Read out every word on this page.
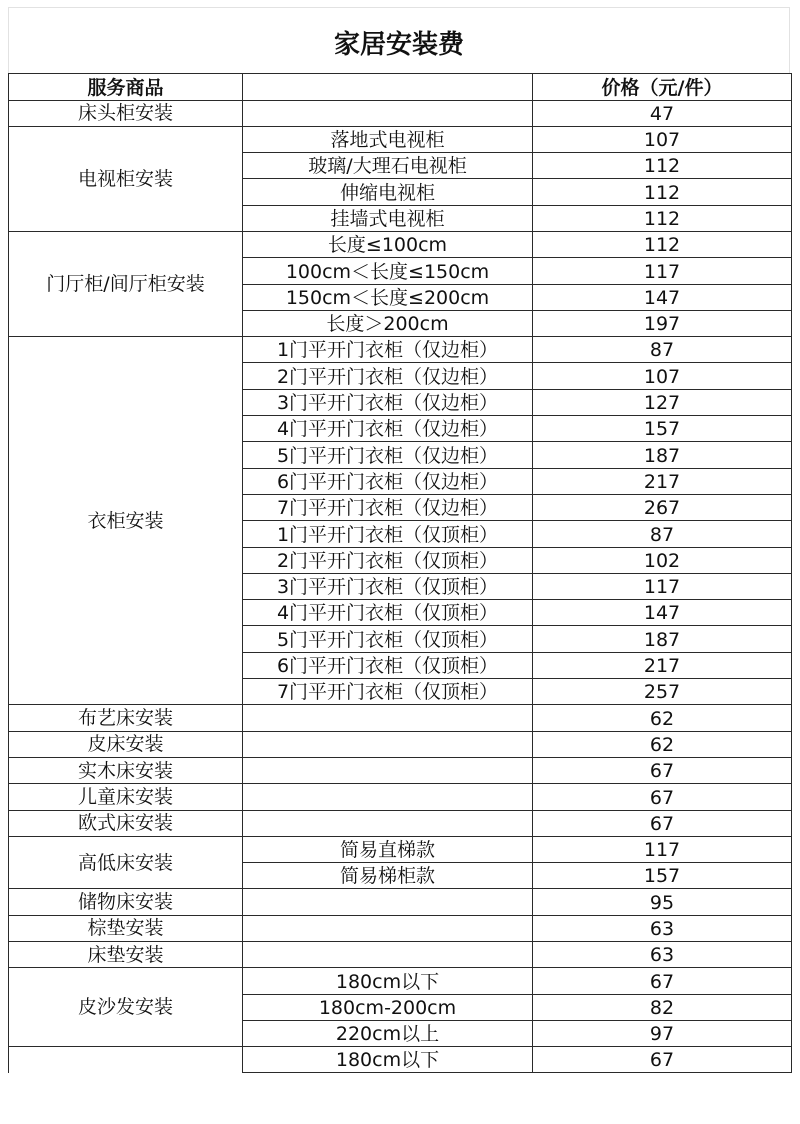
家居安装费
服务商品		价格（元/件）
床头柜安装		47
电视柜安装	落地式电视柜	107
	玻璃/大理石电视柜	112
	伸缩电视柜	112
	挂墙式电视柜	112
门厅柜/间厅柜安装	长度≤100cm	112
	100cm＜长度≤150cm	117
	150cm＜长度≤200cm	147
	长度＞200cm	197
衣柜安装	1门平开门衣柜（仅边柜）	87
	2门平开门衣柜（仅边柜）	107
	3门平开门衣柜（仅边柜）	127
	4门平开门衣柜（仅边柜）	157
	5门平开门衣柜（仅边柜）	187
	6门平开门衣柜（仅边柜）	217
	7门平开门衣柜（仅边柜）	267
	1门平开门衣柜（仅顶柜）	87
	2门平开门衣柜（仅顶柜）	102
	3门平开门衣柜（仅顶柜）	117
	4门平开门衣柜（仅顶柜）	147
	5门平开门衣柜（仅顶柜）	187
	6门平开门衣柜（仅顶柜）	217
	7门平开门衣柜（仅顶柜）	257
布艺床安装		62
皮床安装		62
实木床安装		67
儿童床安装		67
欧式床安装		67
高低床安装	简易直梯款	117
	简易梯柜款	157
储物床安装		95
棕垫安装		63
床垫安装		63
皮沙发安装	180cm以下	67
	180cm-200cm	82
	220cm以上	97
	180cm以下	67
